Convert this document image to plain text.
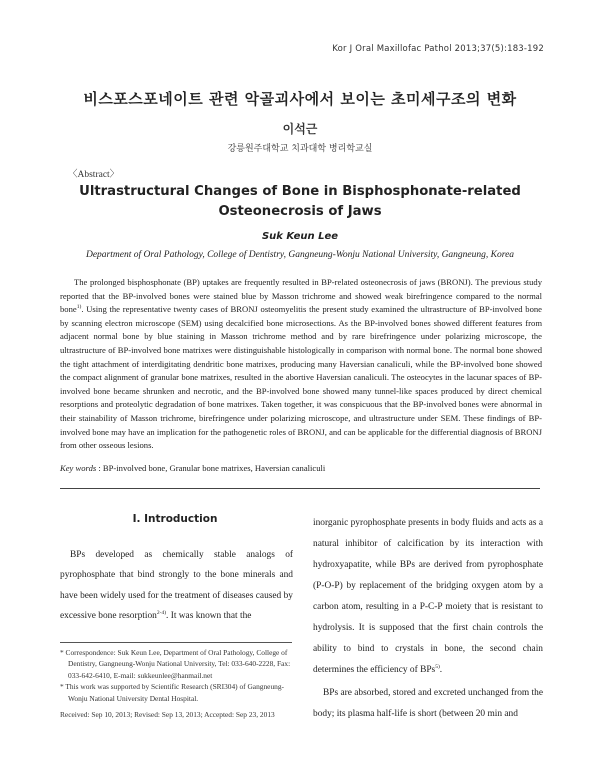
Kor J Oral Maxillofac Pathol 2013;37(5):183-192
비스포스포네이트 관련 악골괴사에서 보이는 초미세구조의 변화
이석근
강릉원주대학교 치과대학 병리학교실
〈Abstract〉
Ultrastructural Changes of Bone in Bisphosphonate-related
Osteonecrosis of Jaws
Suk Keun Lee
Department of Oral Pathology, College of Dentistry, Gangneung-Wonju National University, Gangneung, Korea

The prolonged bisphosphonate (BP) uptakes are frequently resulted in BP-related osteonecrosis of jaws (BRONJ). The previous study reported that the BP-involved bones were stained blue by Masson trichrome and showed weak birefringence compared to the normal bone$^{1)}$. Using the representative twenty cases of BRONJ osteomyelitis the present study examined the ultrastructure of BP-involved bone by scanning electron microscope (SEM) using decalcified bone microsections. As the BP-involved bones showed different features from adjacent normal bone by blue staining in Masson trichrome method and by rare birefringence under polarizing microscope, the ultrastructure of BP-involved bone matrixes were distinguishable histologically in comparison with normal bone. The normal bone showed the tight attachment of interdigitating dendritic bone matrixes, producing many Haversian canaliculi, while the BP-involved bone showed the compact alignment of granular bone matrixes, resulted in the abortive Haversian canaliculi. The osteocytes in the lacunar spaces of BP-involved bone became shrunken and necrotic, and the BP-involved bone showed many tunnel-like spaces produced by direct chemical resorptions and proteolytic degradation of bone matrixes. Taken together, it was conspicuous that the BP-involved bones were abnormal in their stainability of Masson trichrome, birefringence under polarizing microscope, and ultrastructure under SEM. These findings of BP-involved bone may have an implication for the pathogenetic roles of BRONJ, and can be applicable for the differential diagnosis of BRONJ from other osseous lesions.

Key words : BP-involved bone, Granular bone matrixes, Haversian canaliculi
Ⅰ. Introduction

BPs developed as chemically stable analogs of pyrophosphate that bind strongly to the bone minerals and have been widely used for the treatment of diseases caused by excessive bone resorption$^{2-4)}$. It was known that the

inorganic pyrophosphate presents in body fluids and acts as a natural inhibitor of calcification by its interaction with hydroxyapatite, while BPs are derived from pyrophosphate (P-O-P) by replacement of the bridging oxygen atom by a carbon atom, resulting in a P-C-P moiety that is resistant to hydrolysis. It is supposed that the first chain controls the ability to bind to crystals in bone, the second chain determines the efficiency of BPs$^{5)}$.

BPs are absorbed, stored and excreted unchanged from the body; its plasma half-life is short (between 20 min and

* Correspondence: Suk Keun Lee, Department of Oral Pathology, College of Dentistry, Gangneung-Wonju National University, Tel: 033-640-2228, Fax: 033-642-6410, E-mail: sukkeunlee@hanmail.net
* This work was supported by Scientific Research (SRI304) of Gangneung-Wonju National University Dental Hospital.
Received: Sep 10, 2013; Revised: Sep 13, 2013; Accepted: Sep 23, 2013
